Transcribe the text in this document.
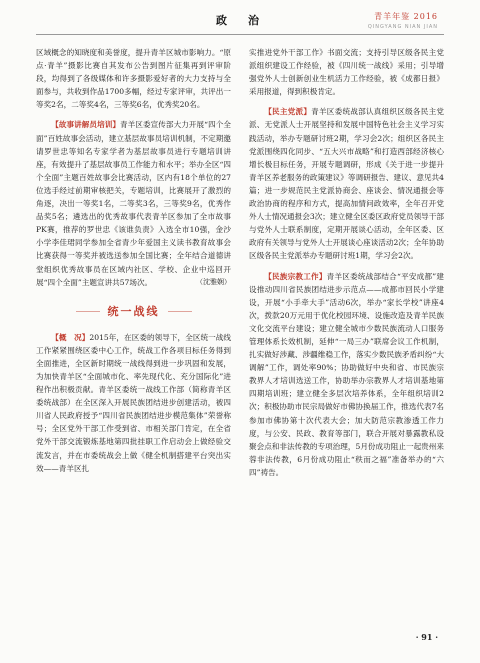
政　治	青羊年鉴 2016
QINGYANG NIAN JIAN

区域概念的知晓度和美誉度，提升青羊区城市影响力。“原点·青羊”摄影比赛自其发布公告到图片征集再到评审阶段，均得到了各级媒体和许多摄影爱好者的大力支持与全面参与，共收到作品1700多幅，经过专家评审，共评出一等奖2名，二等奖4名，三等奖6名，优秀奖20名。

【故事讲解员培训】青羊区委宣传部大力开展“四个全面”百姓故事会活动，建立基层故事员培训机制，不定期邀请罗世忠等知名专家学者为基层故事员进行专题培训讲座，有效提升了基层故事员工作能力和水平；举办全区“四个全面”主题百姓故事会比赛活动，区内有18个单位的27位选手经过前期审核把关，专题培训，比赛展开了激烈的角逐，决出一等奖1名，二等奖3名，三等奖9名，优秀作品奖5名；遴选出的优秀故事代表青羊区参加了全市故事PK赛，推荐的罗世忠《该谁负责》入选全市10强，金沙小学李佳珺同学参加全省青少年爱国主义读书教育故事会比赛获得一等奖并被选送参加全国比赛；全年结合道德讲堂组织优秀故事员在区域内社区、学校、企业中巡回开展“四个全面”主题宣讲共57场次。	（沈雅娴）

统一战线

【概　况】2015年，在区委的领导下，全区统一战线工作紧紧围绕区委中心工作，统战工作各项目标任务得到全面推进，全区新时期统一战线得到进一步巩固和发展，为加快青羊区“全面城市化、率先现代化、充分国际化”进程作出积极贡献。青羊区委统一战线工作部（简称青羊区委统战部）在全区深入开展民族团结进步创建活动，被四川省人民政府授予“四川省民族团结进步模范集体”荣誉称号；全区党外干部工作受到省、市相关部门肯定，在全省党外干部交流锻炼基地第四批挂职工作启动会上做经验交流发言，并在市委统战会上做《健全机制搭建平台突出实效——青羊区扎

实推进党外干部工作》书面交流；支持引导区级各民主党派组织建设工作经验，被《四川统一战线》采用；引导增强党外人士创新创业生机活力工作经验，被《成都日报》采用报道，得到积极肯定。

【民主党派】青羊区委统战部认真组织区级各民主党派、无党派人士开展坚持和发展中国特色社会主义学习实践活动，举办专题研讨班2期，学习会2次；组织区各民主党派围绕四化同步、“五大兴市战略”和打造西部经济核心增长极目标任务，开展专题调研，形成《关于进一步提升青羊区养老服务的政策建议》等调研报告、建议、意见共4篇；进一步规范民主党派协商会、座谈会、情况通报会等政治协商的程序和方式，提高加情问政效率，全年召开党外人士情况通报会3次；建立健全区委区政府党员领导干部与党外人士联系制度，定期开展谈心活动，全年区委、区政府有关领导与党外人士开展谈心座谈活动2次；全年协助区级各民主党派举办专题研讨班1期，学习会2次。

【民族宗教工作】青羊区委统战部结合“平安成都”建设推动四川省民族团结进步示范点——成都市回民小学建设，开展“小手牵大手”活动6次，举办“家长学校”讲座4次，拨款20万元用于优化校园环境、设施改造及青羊民族文化交流平台建设；建立健全城市少数民族流动人口服务管理体系长效机制，延伸“一局三办”联席会议工作机制，扎实做好涉藏、涉疆维稳工作，落实少数民族矛盾纠纷“大调解”工作，调处率90%；协助做好中央和省、市民族宗教界人才培训选送工作，协助举办宗教界人才培训基地第四期培训班；建立健全多层次培养体系，全年组织培训2次；积极协助市民宗局做好市佛协换届工作，推选代表7名参加市佛协第十次代表大会；加大防范宗教渗透工作力度，与公安、民政、教育等部门，联合开展对暴露教私设聚会点和非法传教的专项治理，5月份成功阻止一起贵州来蓉非法传教，6月份成功阻止“秩而之福”准备举办的“六四”祷告。

· 91 ·
